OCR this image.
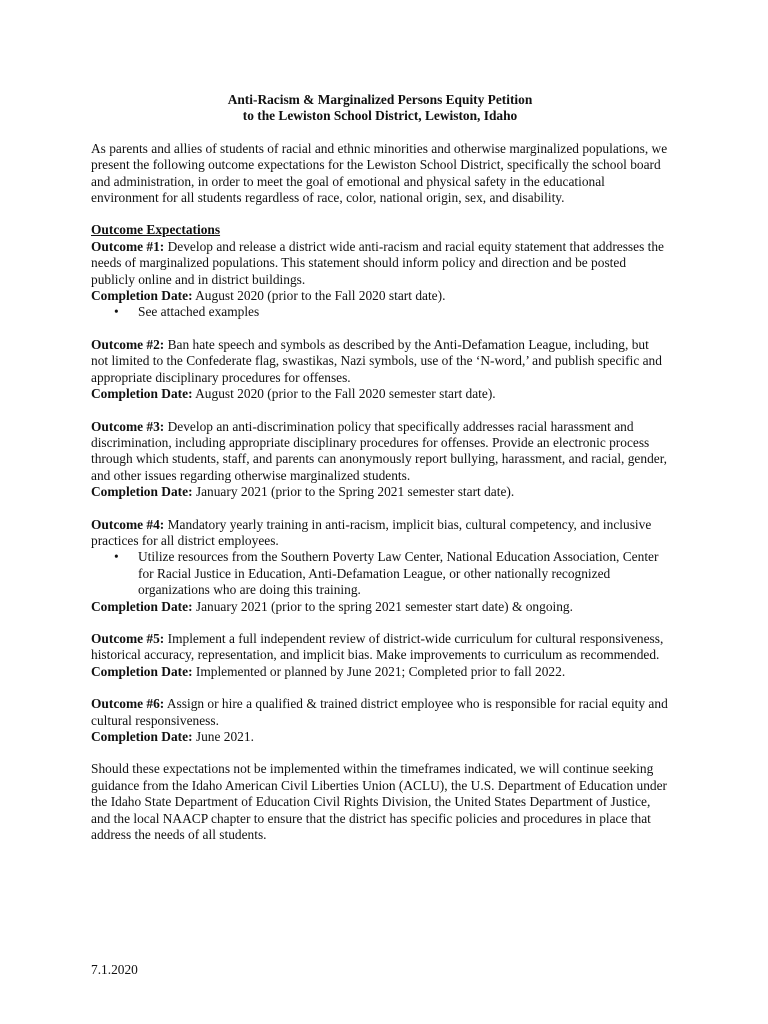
Anti-Racism & Marginalized Persons Equity Petition
to the Lewiston School District, Lewiston, Idaho

As parents and allies of students of racial and ethnic minorities and otherwise marginalized populations, we present the following outcome expectations for the Lewiston School District, specifically the school board and administration, in order to meet the goal of emotional and physical safety in the educational environment for all students regardless of race, color, national origin, sex, and disability.

Outcome Expectations

Outcome #1: Develop and release a district wide anti-racism and racial equity statement that addresses the needs of marginalized populations. This statement should inform policy and direction and be posted publicly online and in district buildings.

Completion Date: August 2020 (prior to the Fall 2020 start date).

• See attached examples

Outcome #2: Ban hate speech and symbols as described by the Anti-Defamation League, including, but not limited to the Confederate flag, swastikas, Nazi symbols, use of the ‘N-word,’ and publish specific and appropriate disciplinary procedures for offenses.

Completion Date: August 2020 (prior to the Fall 2020 semester start date).

Outcome #3: Develop an anti-discrimination policy that specifically addresses racial harassment and discrimination, including appropriate disciplinary procedures for offenses. Provide an electronic process through which students, staff, and parents can anonymously report bullying, harassment, and racial, gender, and other issues regarding otherwise marginalized students.

Completion Date: January 2021 (prior to the Spring 2021 semester start date).

Outcome #4: Mandatory yearly training in anti-racism, implicit bias, cultural competency, and inclusive practices for all district employees.

• Utilize resources from the Southern Poverty Law Center, National Education Association, Center for Racial Justice in Education, Anti-Defamation League, or other nationally recognized organizations who are doing this training.

Completion Date: January 2021 (prior to the spring 2021 semester start date) & ongoing.

Outcome #5: Implement a full independent review of district-wide curriculum for cultural responsiveness, historical accuracy, representation, and implicit bias. Make improvements to curriculum as recommended.

Completion Date: Implemented or planned by June 2021; Completed prior to fall 2022.

Outcome #6: Assign or hire a qualified & trained district employee who is responsible for racial equity and cultural responsiveness.

Completion Date: June 2021.

Should these expectations not be implemented within the timeframes indicated, we will continue seeking guidance from the Idaho American Civil Liberties Union (ACLU), the U.S. Department of Education under the Idaho State Department of Education Civil Rights Division, the United States Department of Justice, and the local NAACP chapter to ensure that the district has specific policies and procedures in place that address the needs of all students.

7.1.2020
